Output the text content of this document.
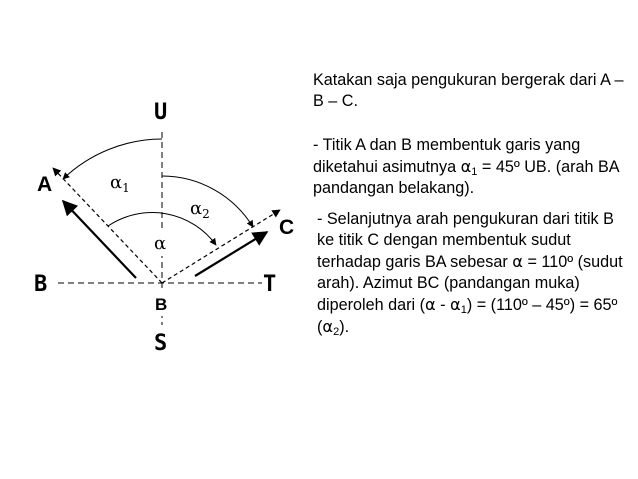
U
S
B	T
A
C
B
$\alpha_1$
$\alpha_2$
α

Katakan saja pengukuran bergerak dari A – B – C.

- Titik A dan B membentuk garis yang diketahui asimutnya $\alpha_1$ = 45º UB. (arah BA pandangan belakang).

- Selanjutnya arah pengukuran dari titik B ke titik C dengan membentuk sudut terhadap garis BA sebesar α = 110º (sudut arah). Azimut BC (pandangan muka) diperoleh dari $(\alpha - \alpha_1)$ = (110º – 45º) = 65º $(\alpha_2)$.
